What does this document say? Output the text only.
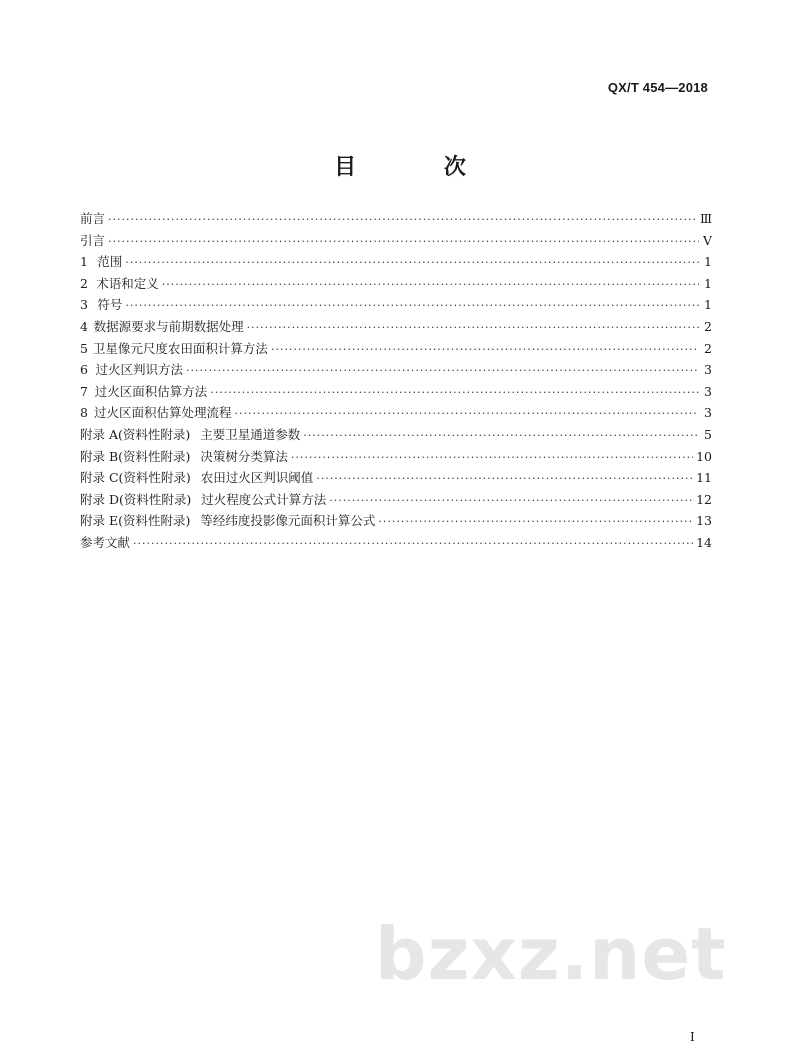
QX/T 454—2018
目 次
前言 ·····	Ⅲ
引言 ·····	Ⅴ
1 范围 ·····	1
2 术语和定义 ·····	1
3 符号 ·····	1
4 数据源要求与前期数据处理 ·····	2
5 卫星像元尺度农田面积计算方法 ·····	2
6 过火区判识方法 ·····	3
7 过火区面积估算方法 ·····	3
8 过火区面积估算处理流程 ·····	3
附录 A(资料性附录) 主要卫星通道参数 ·····	5
附录 B(资料性附录) 决策树分类算法 ·····	10
附录 C(资料性附录) 农田过火区判识阈值 ·····	11
附录 D(资料性附录) 过火程度公式计算方法 ·····	12
附录 E(资料性附录) 等经纬度投影像元面积计算公式 ·····	13
参考文献 ·····	14
bzxz.net
I
